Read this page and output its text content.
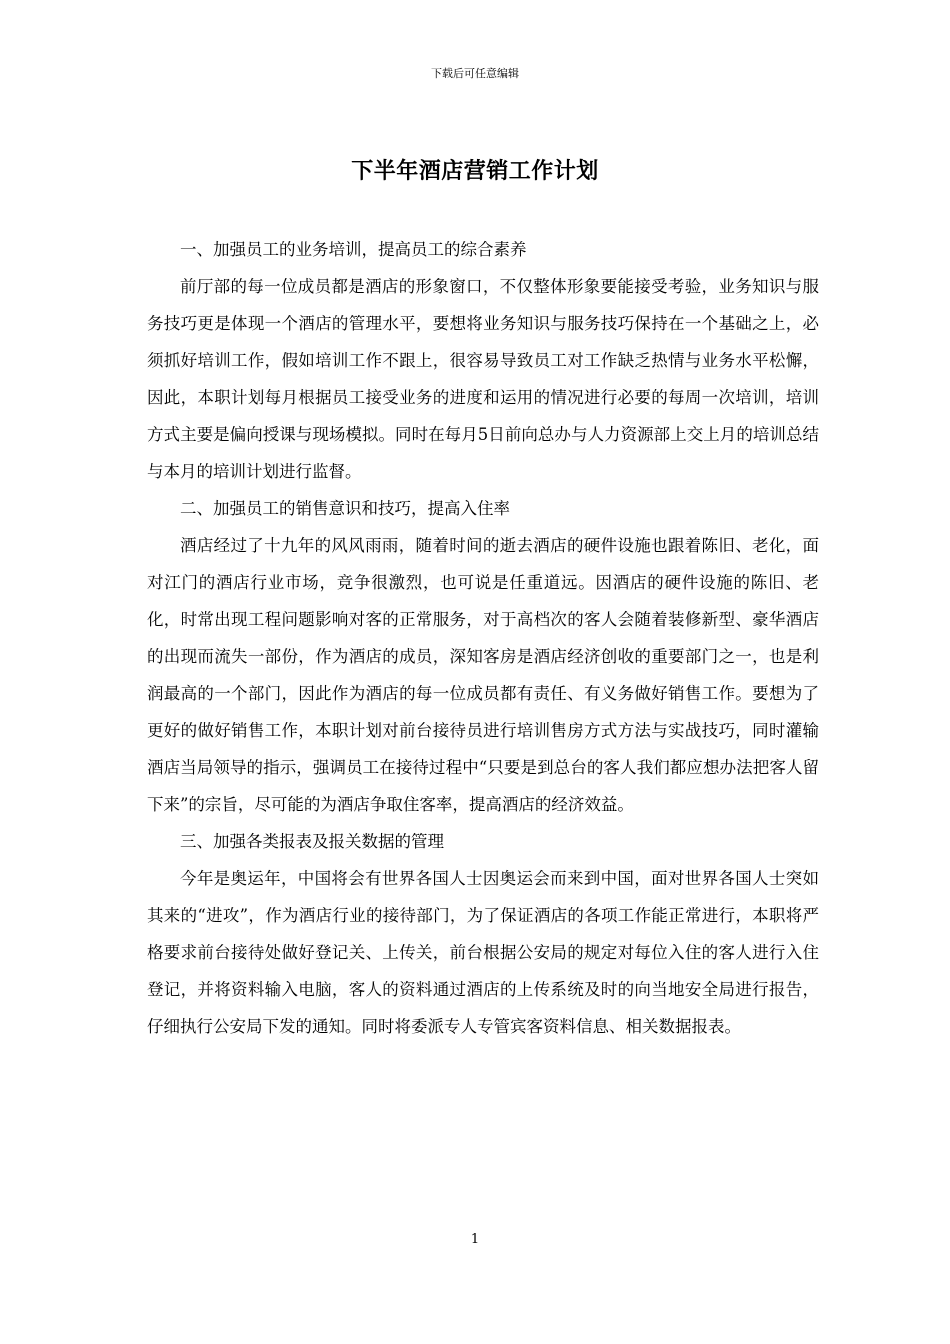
下载后可任意编辑
下半年酒店营销工作计划

一、加强员工的业务培训，提高员工的综合素养

前厅部的每一位成员都是酒店的形象窗口，不仅整体形象要能接受考验，业务知识与服务技巧更是体现一个酒店的管理水平，要想将业务知识与服务技巧保持在一个基础之上，必须抓好培训工作，假如培训工作不跟上，很容易导致员工对工作缺乏热情与业务水平松懈，因此，本职计划每月根据员工接受业务的进度和运用的情况进行必要的每周一次培训，培训方式主要是偏向授课与现场模拟。同时在每月5日前向总办与人力资源部上交上月的培训总结与本月的培训计划进行监督。

二、加强员工的销售意识和技巧，提高入住率

酒店经过了十九年的风风雨雨，随着时间的逝去酒店的硬件设施也跟着陈旧、老化，面对江门的酒店行业市场，竞争很激烈，也可说是任重道远。因酒店的硬件设施的陈旧、老化，时常出现工程问题影响对客的正常服务，对于高档次的客人会随着装修新型、豪华酒店的出现而流失一部份，作为酒店的成员，深知客房是酒店经济创收的重要部门之一，也是利润最高的一个部门，因此作为酒店的每一位成员都有责任、有义务做好销售工作。要想为了更好的做好销售工作，本职计划对前台接待员进行培训售房方式方法与实战技巧，同时灌输酒店当局领导的指示，强调员工在接待过程中“只要是到总台的客人我们都应想办法把客人留下来”的宗旨，尽可能的为酒店争取住客率，提高酒店的经济效益。

三、加强各类报表及报关数据的管理

今年是奥运年，中国将会有世界各国人士因奥运会而来到中国，面对世界各国人士突如其来的“进攻”，作为酒店行业的接待部门，为了保证酒店的各项工作能正常进行，本职将严格要求前台接待处做好登记关、上传关，前台根据公安局的规定对每位入住的客人进行入住登记，并将资料输入电脑，客人的资料通过酒店的上传系统及时的向当地安全局进行报告，仔细执行公安局下发的通知。同时将委派专人专管宾客资料信息、相关数据报表。

1
